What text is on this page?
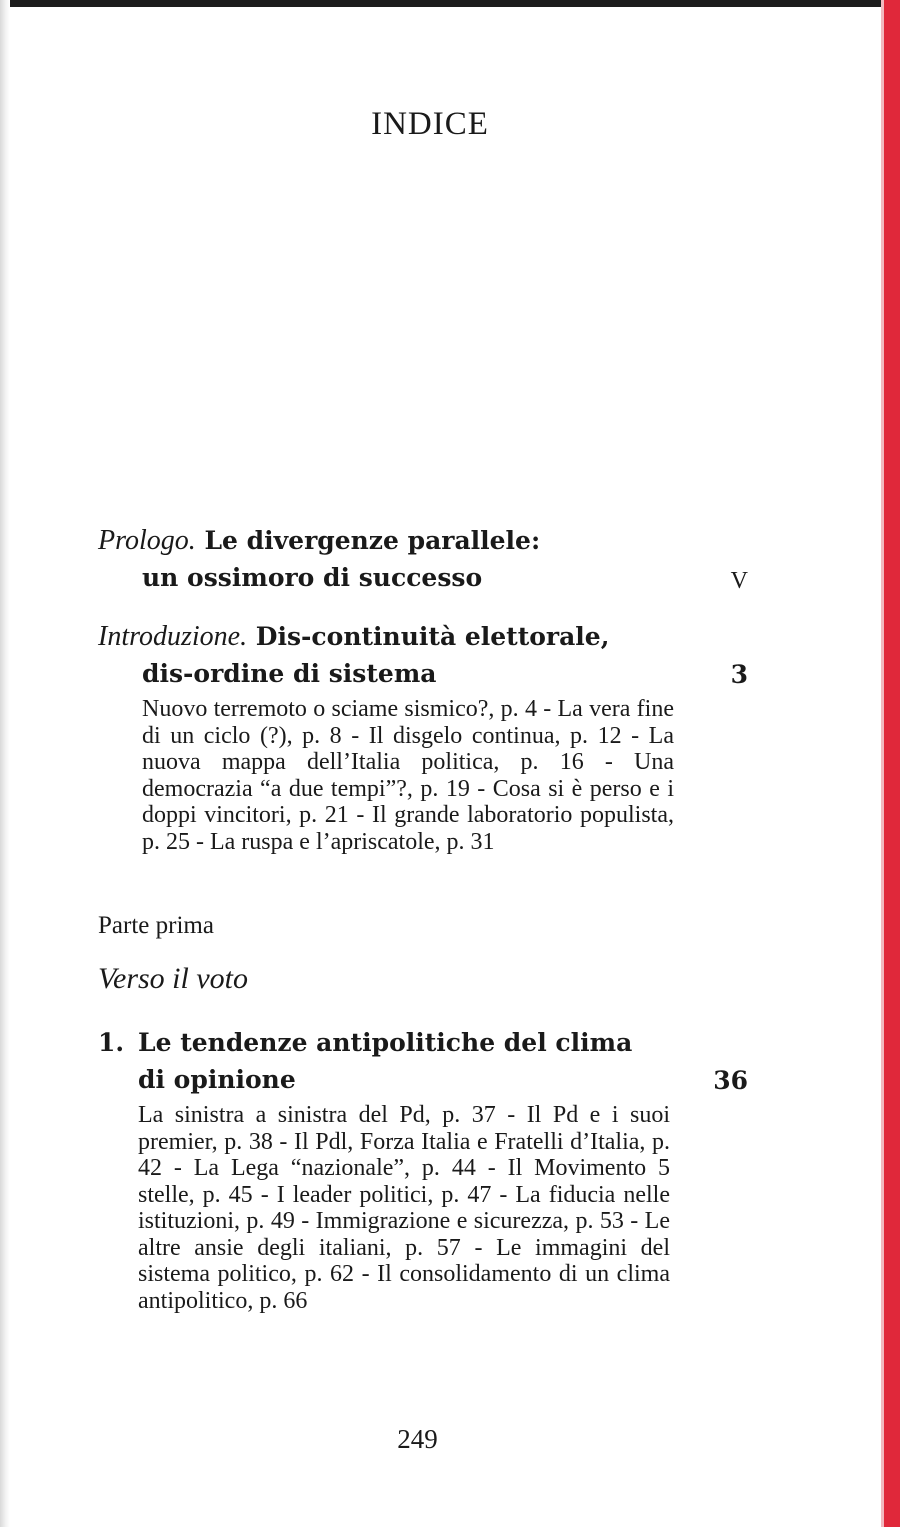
INDICE
Prologo. Le divergenze parallele:
un ossimoro di successo	V
Introduzione. Dis-continuità elettorale,
dis-ordine di sistema	3
Nuovo terremoto o sciame sismico?, p. 4 - La vera fine di un ciclo (?), p. 8 - Il disgelo continua, p. 12 - La nuova mappa dell’Italia politica, p. 16 - Una democrazia “a due tempi”?, p. 19 - Cosa si è perso e i doppi vincitori, p. 21 - Il grande laboratorio populista, p. 25 - La ruspa e l’apriscatole, p. 31
Parte prima
Verso il voto
1. Le tendenze antipolitiche del clima
di opinione	36
La sinistra a sinistra del Pd, p. 37 - Il Pd e i suoi premier, p. 38 - Il Pdl, Forza Italia e Fratelli d’Italia, p. 42 - La Lega “nazionale”, p. 44 - Il Movimento 5 stelle, p. 45 - I leader politici, p. 47 - La fiducia nelle istituzioni, p. 49 - Immigrazione e sicurezza, p. 53 - Le altre ansie degli italiani, p. 57 - Le immagini del sistema politico, p. 62 - Il consolidamento di un clima antipolitico, p. 66
249
